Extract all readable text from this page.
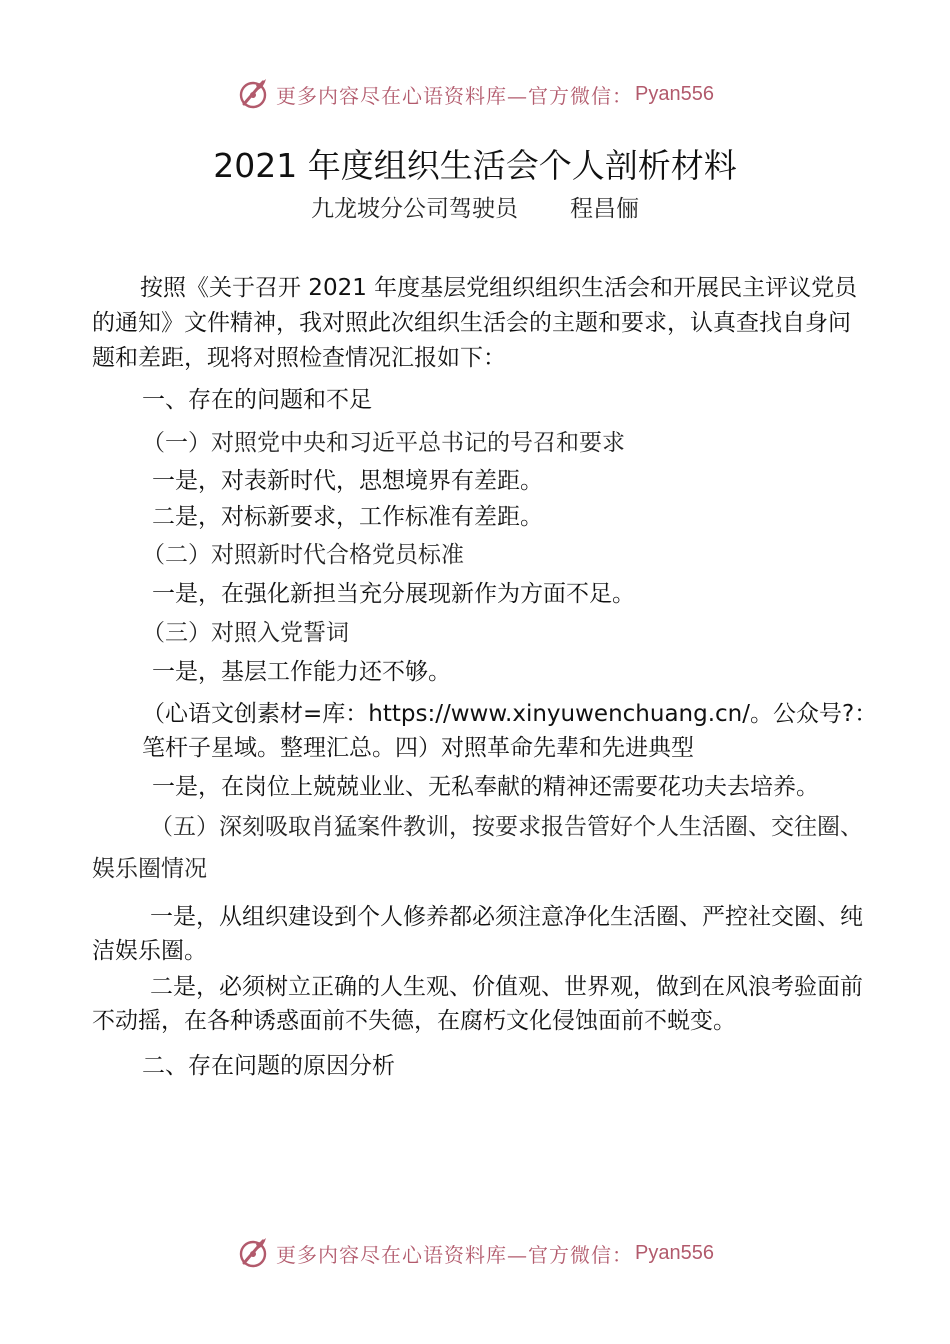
更多内容尽在心语资料库—官方微信： Pyan556
2021 年度组织生活会个人剖析材料
九龙坡分公司驾驶员 程昌俪

按照《关于召开 2021 年度基层党组织组织生活会和开展民主评议党员的通知》文件精神，我对照此次组织生活会的主题和要求，认真查找自身问题和差距，现将对照检查情况汇报如下：

一、存在的问题和不足

（一）对照党中央和习近平总书记的号召和要求

一是，对表新时代，思想境界有差距。

二是，对标新要求，工作标准有差距。

（二）对照新时代合格党员标准

一是，在强化新担当充分展现新作为方面不足。

（三）对照入党誓词

一是，基层工作能力还不够。

（心语文创素材=库：https://www.xinyuwenchuang.cn/。公众号?：笔杆子星域。整理汇总。四）对照革命先辈和先进典型

一是，在岗位上兢兢业业、无私奉献的精神还需要花功夫去培养。

（五）深刻吸取肖猛案件教训，按要求报告管好个人生活圈、交往圈、娱乐圈情况

一是，从组织建设到个人修养都必须注意净化生活圈、严控社交圈、纯洁娱乐圈。

二是，必须树立正确的人生观、价值观、世界观，做到在风浪考验面前不动摇，在各种诱惑面前不失德，在腐朽文化侵蚀面前不蜕变。

二、存在问题的原因分析

更多内容尽在心语资料库—官方微信： Pyan556
